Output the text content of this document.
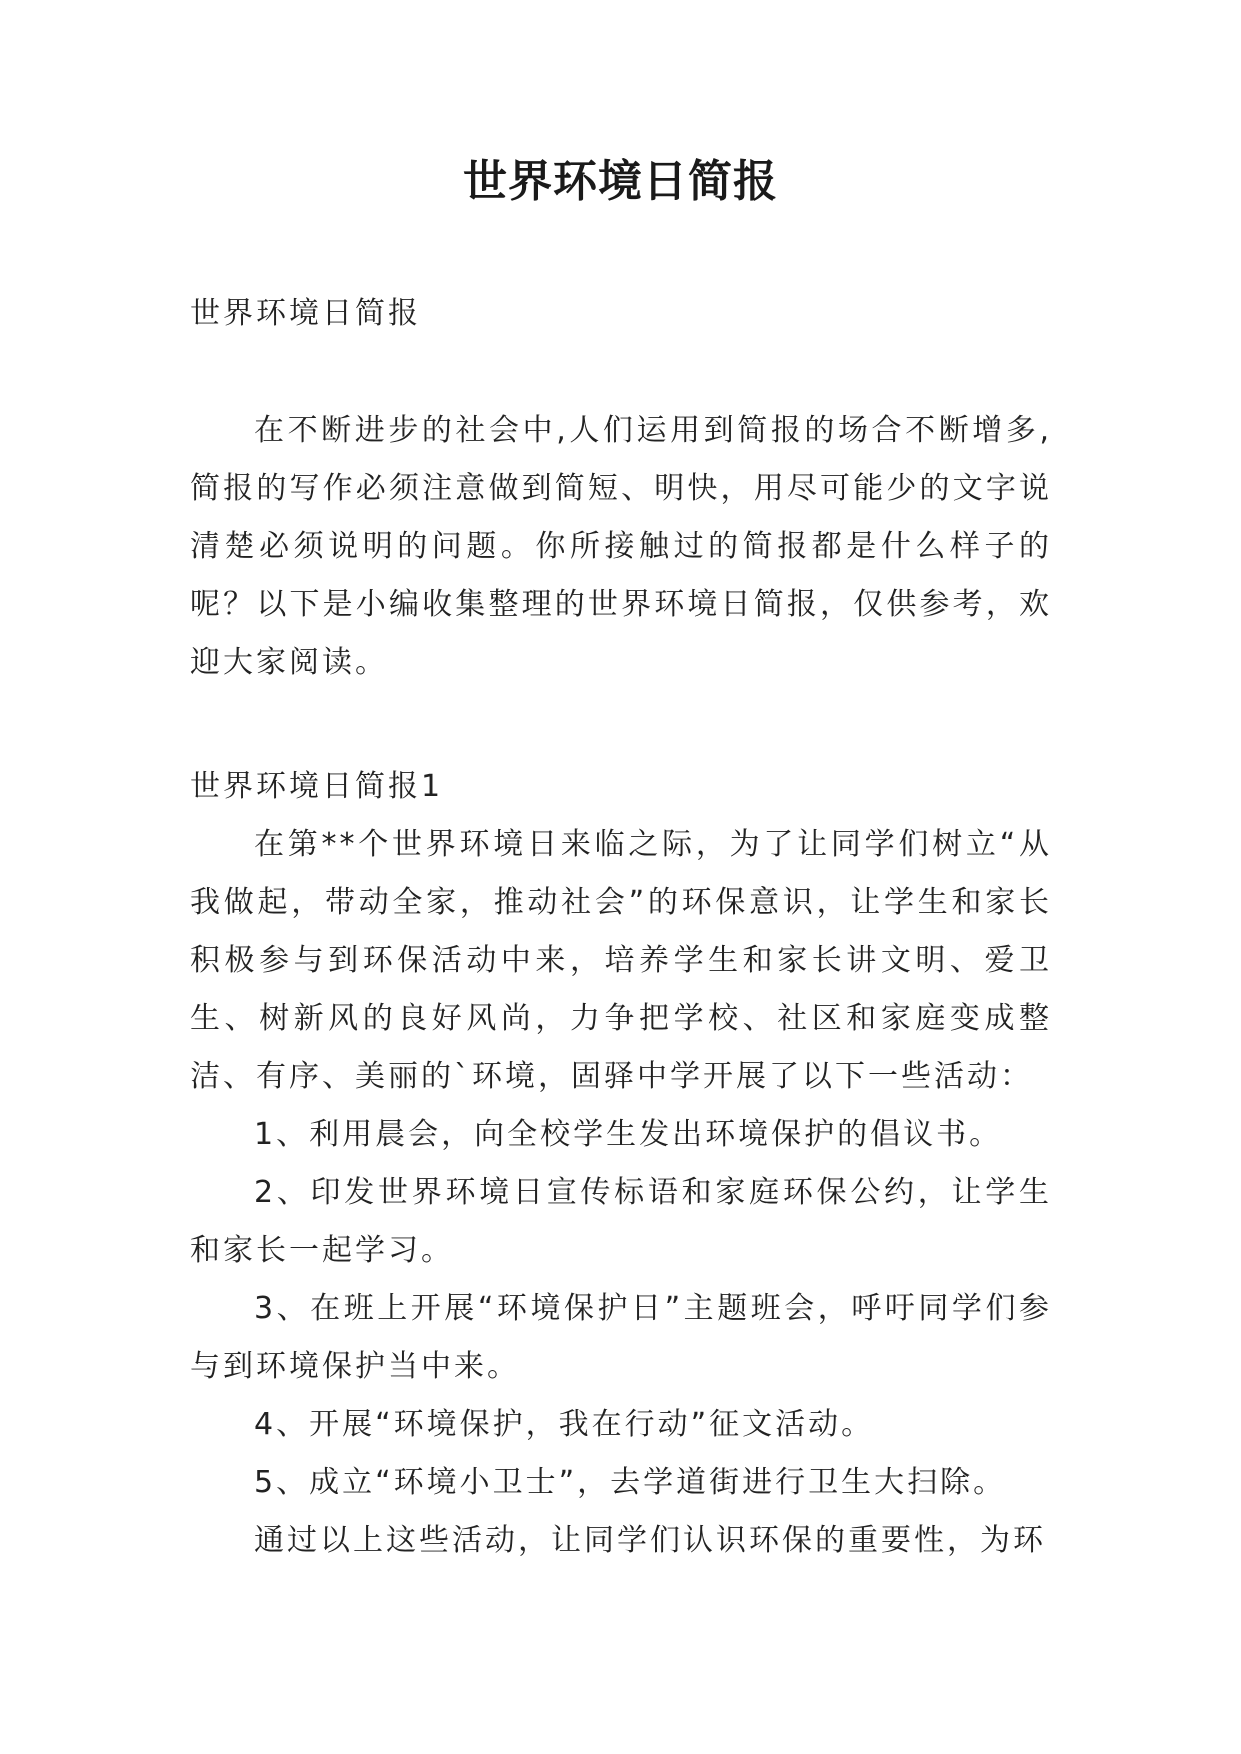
世界环境日简报

世界环境日简报

在不断进步的社会中,人们运用到简报的场合不断增多,简报的写作必须注意做到简短、明快，用尽可能少的文字说清楚必须说明的问题。你所接触过的简报都是什么样子的呢？以下是小编收集整理的世界环境日简报，仅供参考，欢迎大家阅读。

世界环境日简报1

在第**个世界环境日来临之际，为了让同学们树立“从我做起，带动全家，推动社会”的环保意识，让学生和家长积极参与到环保活动中来，培养学生和家长讲文明、爱卫生、树新风的良好风尚，力争把学校、社区和家庭变成整洁、有序、美丽的`环境，固驿中学开展了以下一些活动：

1、利用晨会，向全校学生发出环境保护的倡议书。

2、印发世界环境日宣传标语和家庭环保公约，让学生和家长一起学习。

3、在班上开展“环境保护日”主题班会，呼吁同学们参与到环境保护当中来。

4、开展“环境保护，我在行动”征文活动。

5、成立“环境小卫士”，去学道街进行卫生大扫除。

通过以上这些活动，让同学们认识环保的重要性，为环
